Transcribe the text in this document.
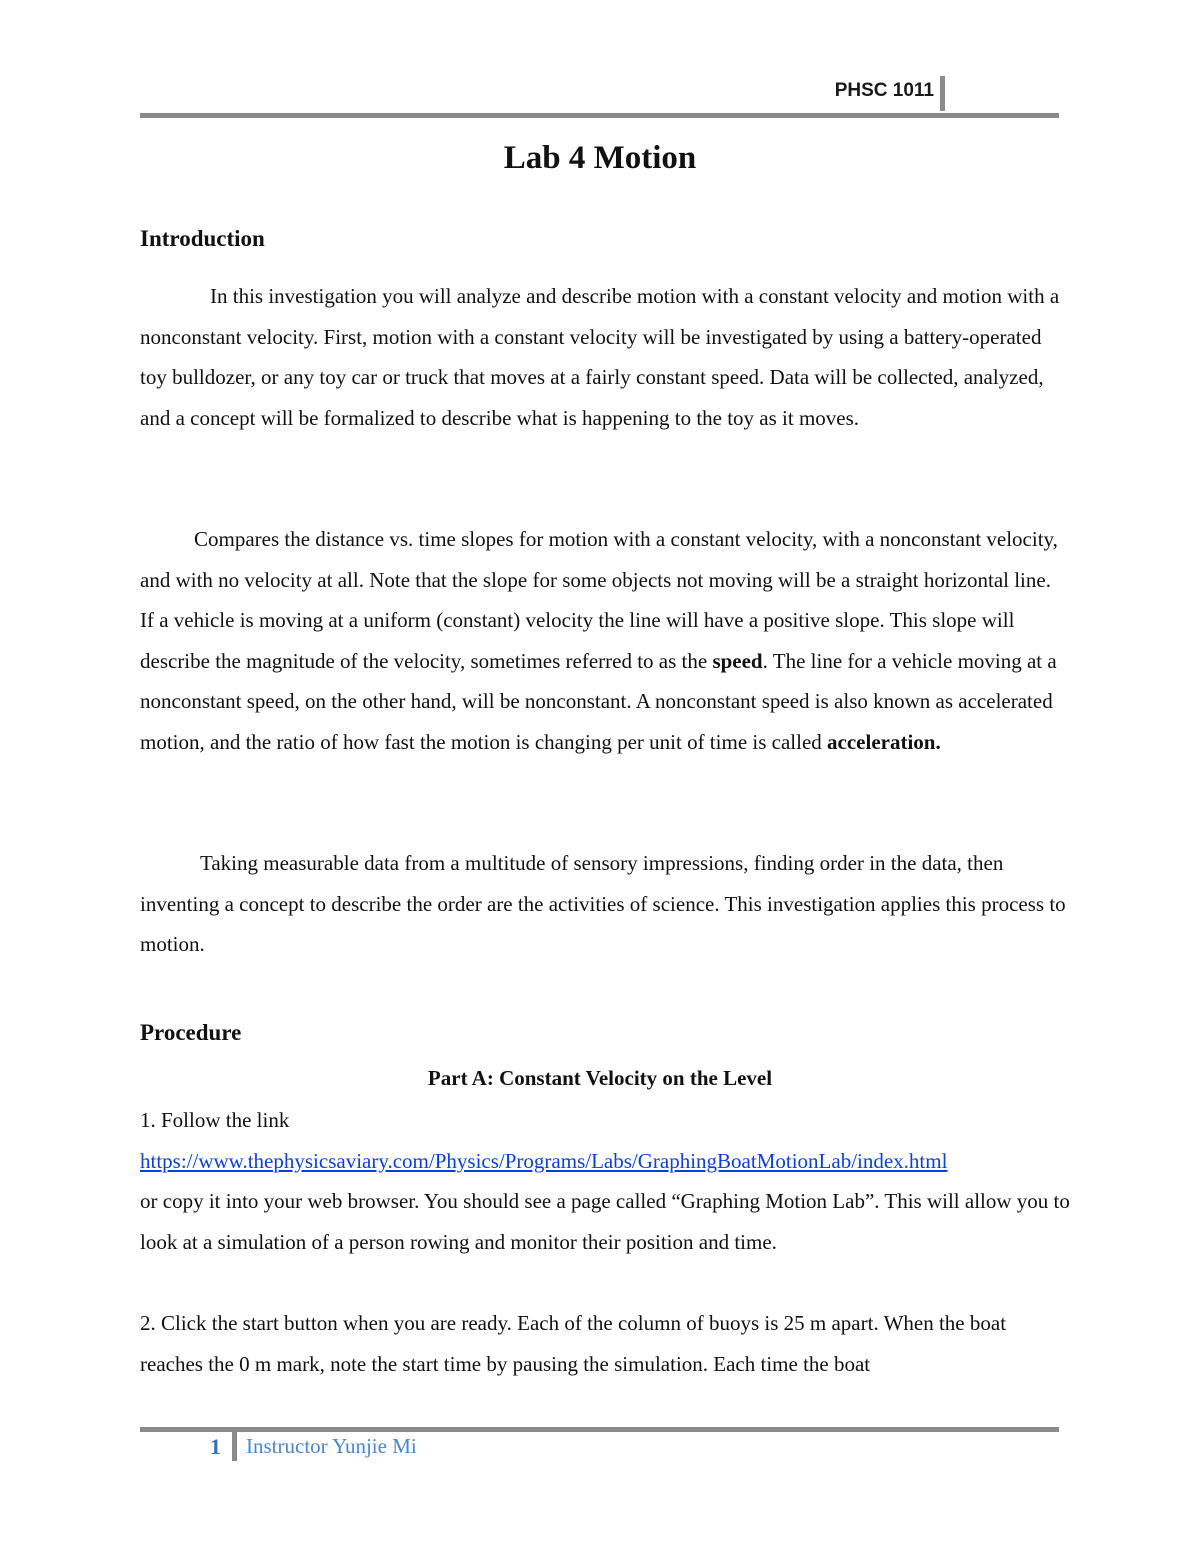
PHSC 1011
Lab 4 Motion
Introduction
In this investigation you will analyze and describe motion with a constant velocity and motion with a nonconstant velocity. First, motion with a constant velocity will be investigated by using a battery-operated toy bulldozer, or any toy car or truck that moves at a fairly constant speed. Data will be collected, analyzed, and a concept will be formalized to describe what is happening to the toy as it moves.
Compares the distance vs. time slopes for motion with a constant velocity, with a nonconstant velocity, and with no velocity at all. Note that the slope for some objects not moving will be a straight horizontal line. If a vehicle is moving at a uniform (constant) velocity the line will have a positive slope. This slope will describe the magnitude of the velocity, sometimes referred to as the speed. The line for a vehicle moving at a nonconstant speed, on the other hand, will be nonconstant. A nonconstant speed is also known as accelerated motion, and the ratio of how fast the motion is changing per unit of time is called acceleration.
Taking measurable data from a multitude of sensory impressions, finding order in the data, then inventing a concept to describe the order are the activities of science. This investigation applies this process to motion.
Procedure
Part A: Constant Velocity on the Level
1. Follow the link
https://www.thephysicsaviary.com/Physics/Programs/Labs/GraphingBoatMotionLab/index.html
or copy it into your web browser. You should see a page called “Graphing Motion Lab”. This will allow you to look at a simulation of a person rowing and monitor their position and time.
2. Click the start button when you are ready. Each of the column of buoys is 25 m apart. When the boat reaches the 0 m mark, note the start time by pausing the simulation. Each time the boat
1 Instructor Yunjie Mi
